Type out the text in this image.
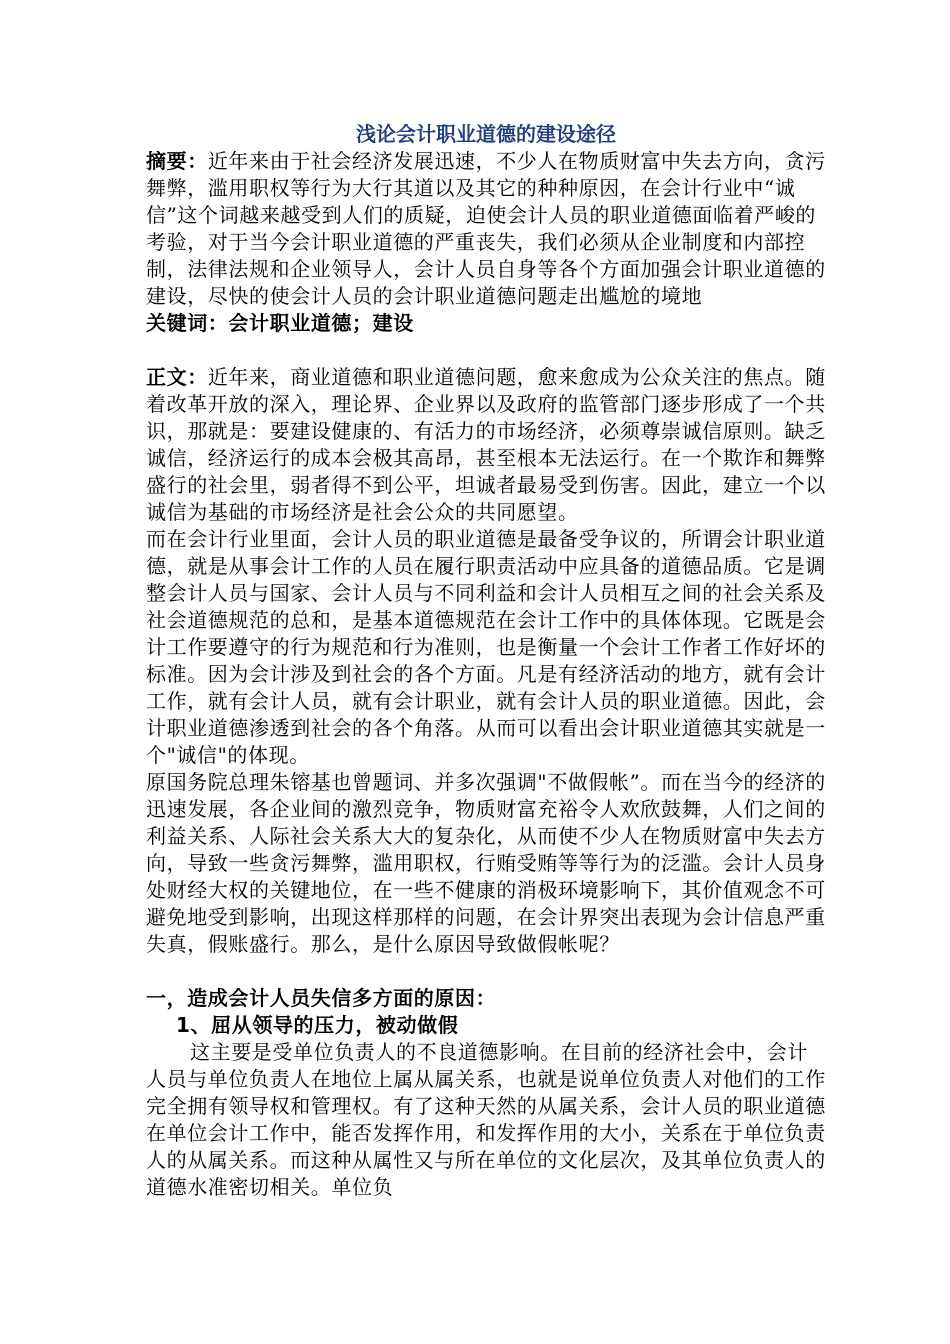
浅论会计职业道德的建设途径

摘要：近年来由于社会经济发展迅速，不少人在物质财富中失去方向，贪污舞弊，滥用职权等行为大行其道以及其它的种种原因，在会计行业中“诚信”这个词越来越受到人们的质疑，迫使会计人员的职业道德面临着严峻的考验，对于当今会计职业道德的严重丧失，我们必须从企业制度和内部控制，法律法规和企业领导人，会计人员自身等各个方面加强会计职业道德的建设，尽快的使会计人员的会计职业道德问题走出尴尬的境地

关键词：会计职业道德；建设

正文：近年来，商业道德和职业道德问题，愈来愈成为公众关注的焦点。随着改革开放的深入，理论界、企业界以及政府的监管部门逐步形成了一个共识，那就是：要建设健康的、有活力的市场经济，必须尊崇诚信原则。缺乏诚信，经济运行的成本会极其高昂，甚至根本无法运行。在一个欺诈和舞弊盛行的社会里，弱者得不到公平，坦诚者最易受到伤害。因此，建立一个以诚信为基础的市场经济是社会公众的共同愿望。

而在会计行业里面，会计人员的职业道德是最备受争议的，所谓会计职业道德，就是从事会计工作的人员在履行职责活动中应具备的道德品质。它是调整会计人员与国家、会计人员与不同利益和会计人员相互之间的社会关系及社会道德规范的总和，是基本道德规范在会计工作中的具体体现。它既是会计工作要遵守的行为规范和行为准则，也是衡量一个会计工作者工作好坏的标准。因为会计涉及到社会的各个方面。凡是有经济活动的地方，就有会计工作，就有会计人员，就有会计职业，就有会计人员的职业道德。因此，会计职业道德渗透到社会的各个角落。从而可以看出会计职业道德其实就是一个"诚信"的体现。

原国务院总理朱镕基也曾题词、并多次强调"不做假帐”。而在当今的经济的迅速发展，各企业间的激烈竞争，物质财富充裕令人欢欣鼓舞，人们之间的利益关系、人际社会关系大大的复杂化，从而使不少人在物质财富中失去方向，导致一些贪污舞弊，滥用职权，行贿受贿等等行为的泛滥。会计人员身处财经大权的关键地位，在一些不健康的消极环境影响下，其价值观念不可避免地受到影响，出现这样那样的问题，在会计界突出表现为会计信息严重失真，假账盛行。那么，是什么原因导致做假帐呢？

一，造成会计人员失信多方面的原因：

1、屈从领导的压力，被动做假

这主要是受单位负责人的不良道德影响。在目前的经济社会中，会计人员与单位负责人在地位上属从属关系，也就是说单位负责人对他们的工作完全拥有领导权和管理权。有了这种天然的从属关系，会计人员的职业道德在单位会计工作中，能否发挥作用，和发挥作用的大小，关系在于单位负责人的从属关系。而这种从属性又与所在单位的文化层次，及其单位负责人的道德水准密切相关。单位负
